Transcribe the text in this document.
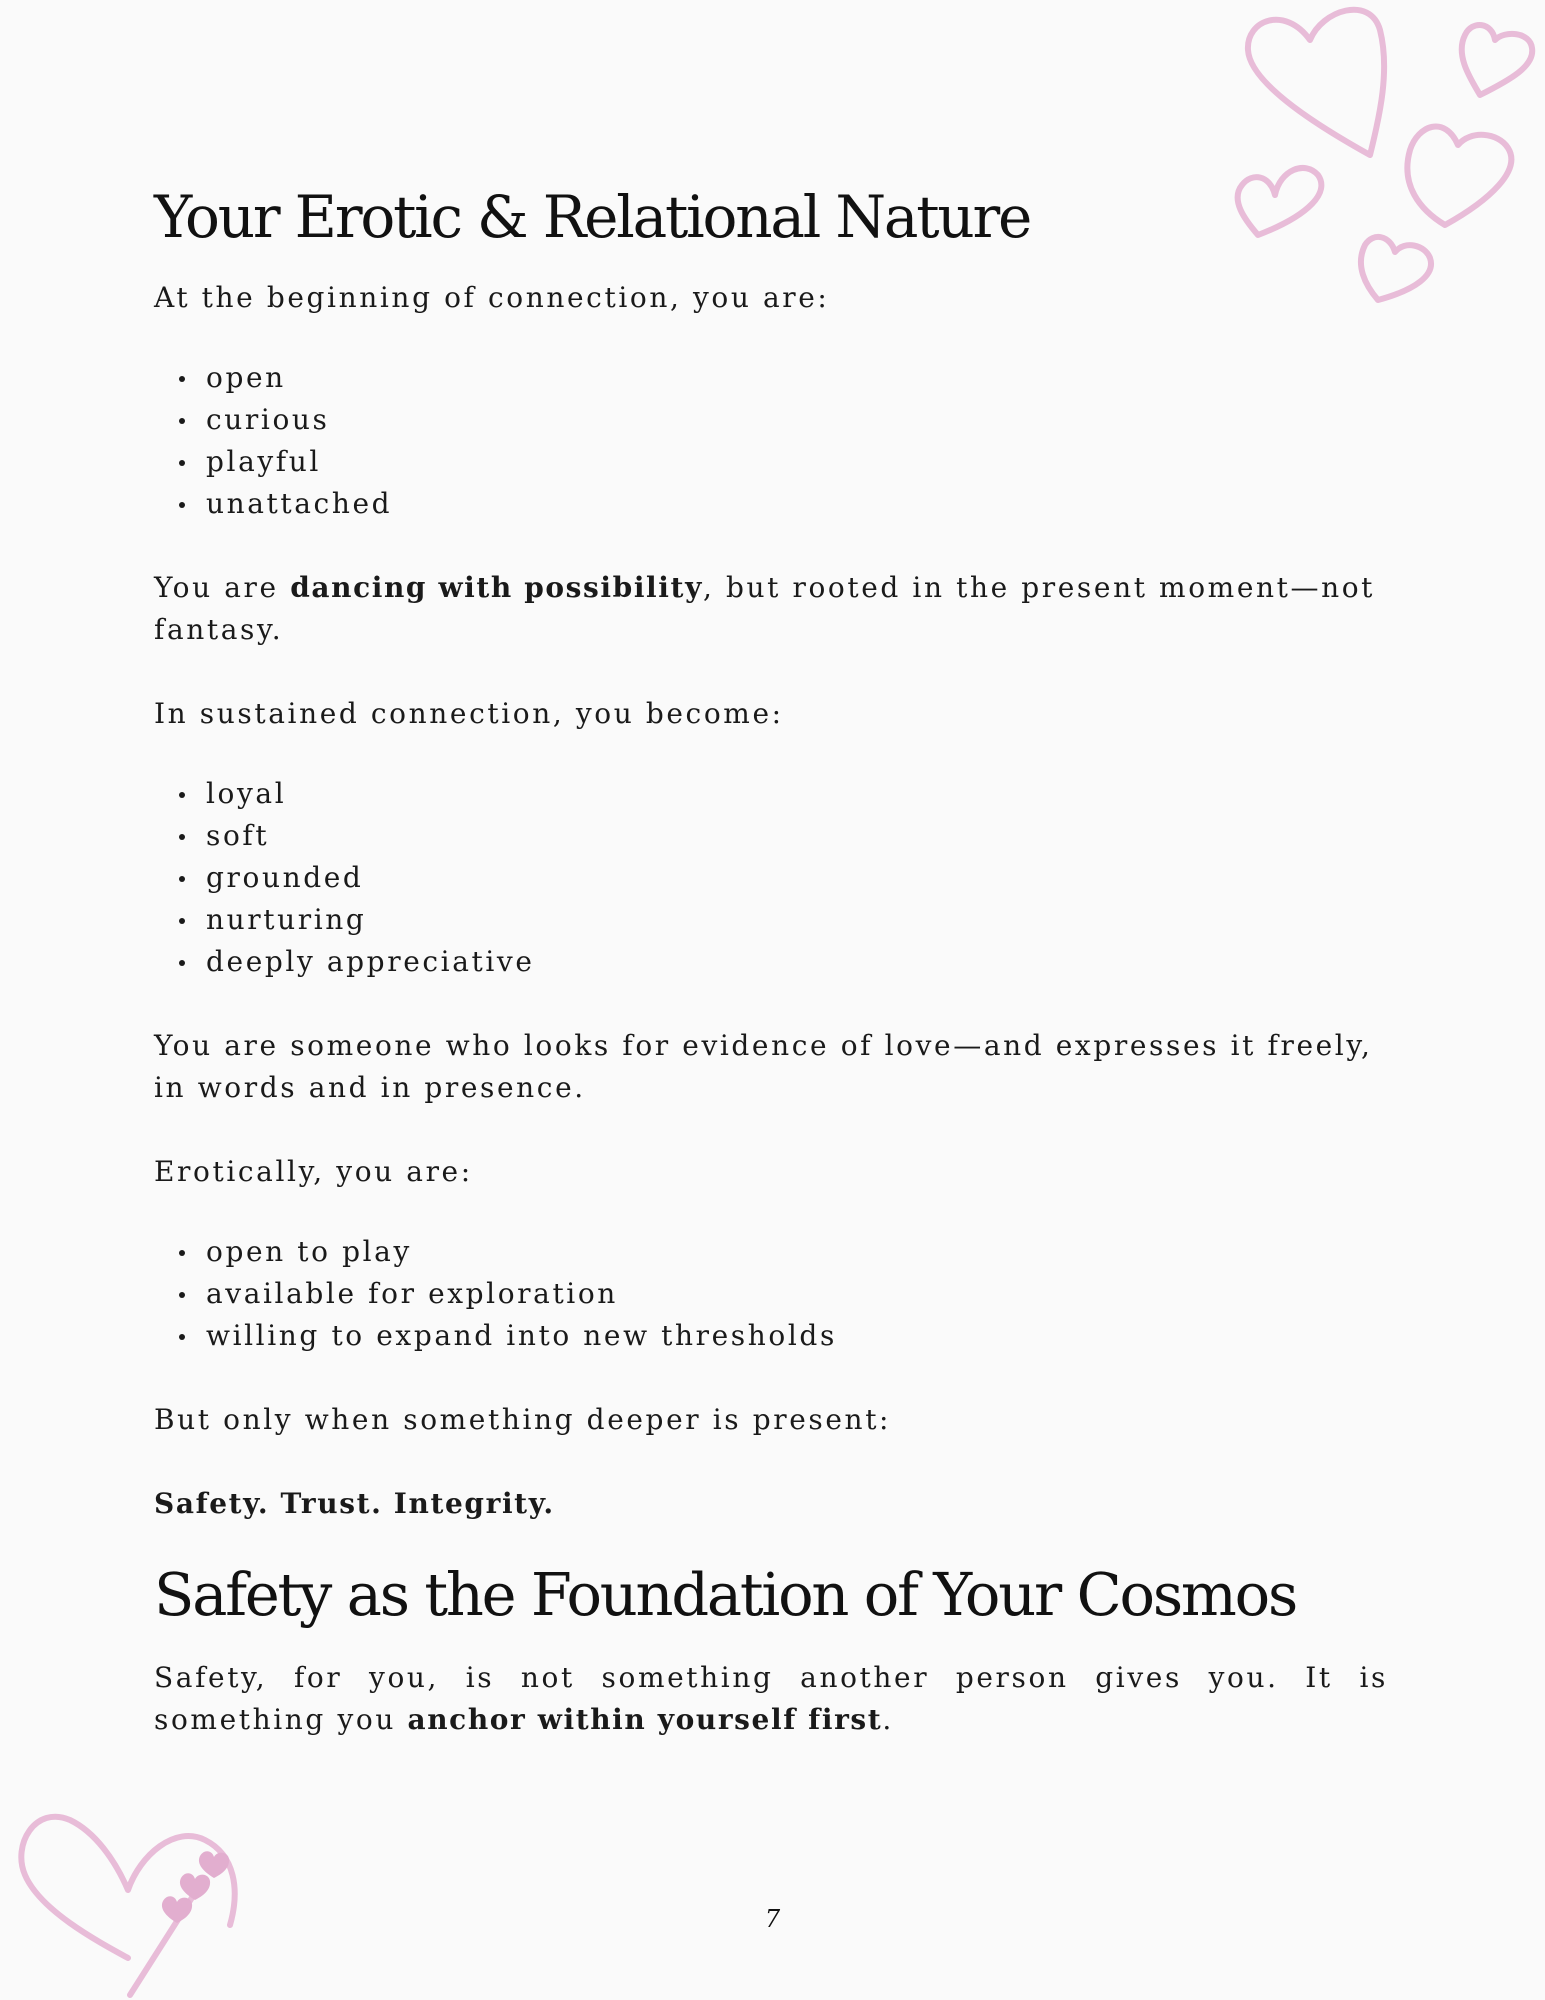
Your Erotic & Relational Nature

At the beginning of connection, you are:

open
curious
playful
unattached

You are dancing with possibility, but rooted in the present moment—not fantasy.

In sustained connection, you become:

loyal
soft
grounded
nurturing
deeply appreciative

You are someone who looks for evidence of love—and expresses it freely, in words and in presence.

Erotically, you are:

open to play
available for exploration
willing to expand into new thresholds

But only when something deeper is present:

Safety. Trust. Integrity.

Safety as the Foundation of Your Cosmos

Safety, for you, is not something another person gives you. It is something you anchor within yourself first.

7
